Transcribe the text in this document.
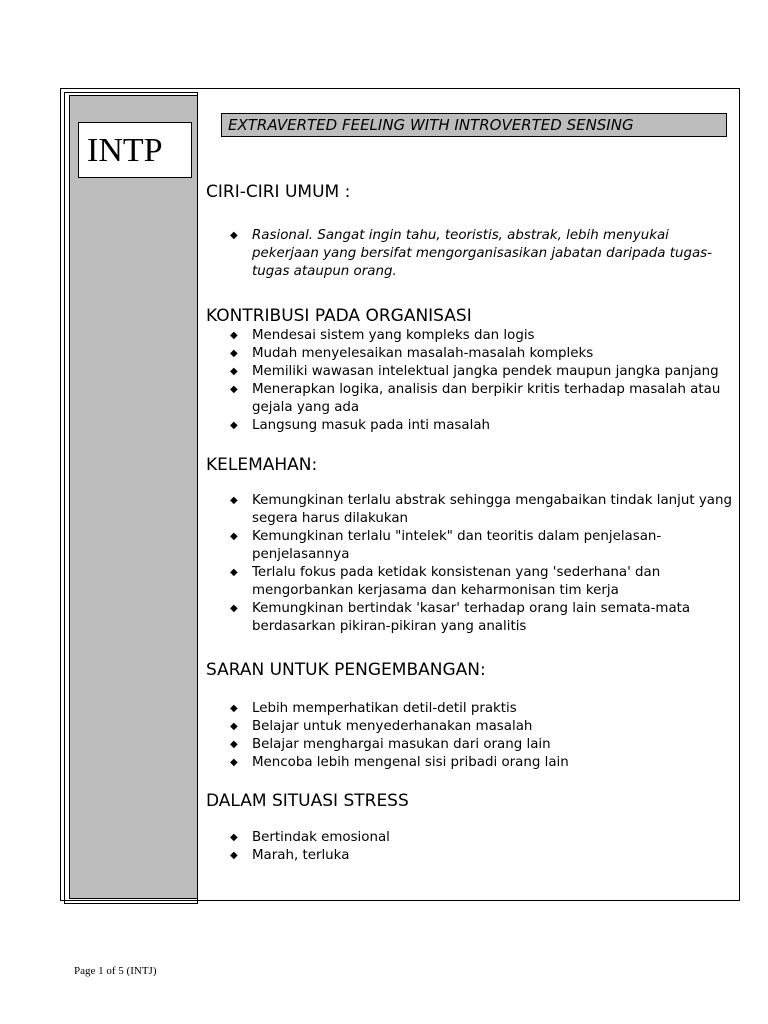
INTP
EXTRAVERTED FEELING WITH INTROVERTED SENSING
CIRI-CIRI UMUM :
◆ Rasional. Sangat ingin tahu, teoristis, abstrak, lebih menyukai pekerjaan yang bersifat mengorganisasikan jabatan daripada tugas-tugas ataupun orang.
KONTRIBUSI PADA ORGANISASI
◆ Mendesai sistem yang kompleks dan logis
◆ Mudah menyelesaikan masalah-masalah kompleks
◆ Memiliki wawasan intelektual jangka pendek maupun jangka panjang
◆ Menerapkan logika, analisis dan berpikir kritis terhadap masalah atau gejala yang ada
◆ Langsung masuk pada inti masalah
KELEMAHAN:
◆ Kemungkinan terlalu abstrak sehingga mengabaikan tindak lanjut yang segera harus dilakukan
◆ Kemungkinan terlalu "intelek" dan teoritis dalam penjelasan-penjelasannya
◆ Terlalu fokus pada ketidak konsistenan yang 'sederhana' dan mengorbankan kerjasama dan keharmonisan tim kerja
◆ Kemungkinan bertindak 'kasar' terhadap orang lain semata-mata berdasarkan pikiran-pikiran yang analitis
SARAN UNTUK PENGEMBANGAN:
◆ Lebih memperhatikan detil-detil praktis
◆ Belajar untuk menyederhanakan masalah
◆ Belajar menghargai masukan dari orang lain
◆ Mencoba lebih mengenal sisi pribadi orang lain
DALAM SITUASI STRESS
◆ Bertindak emosional
◆ Marah, terluka
Page 1 of 5 (INTJ)
